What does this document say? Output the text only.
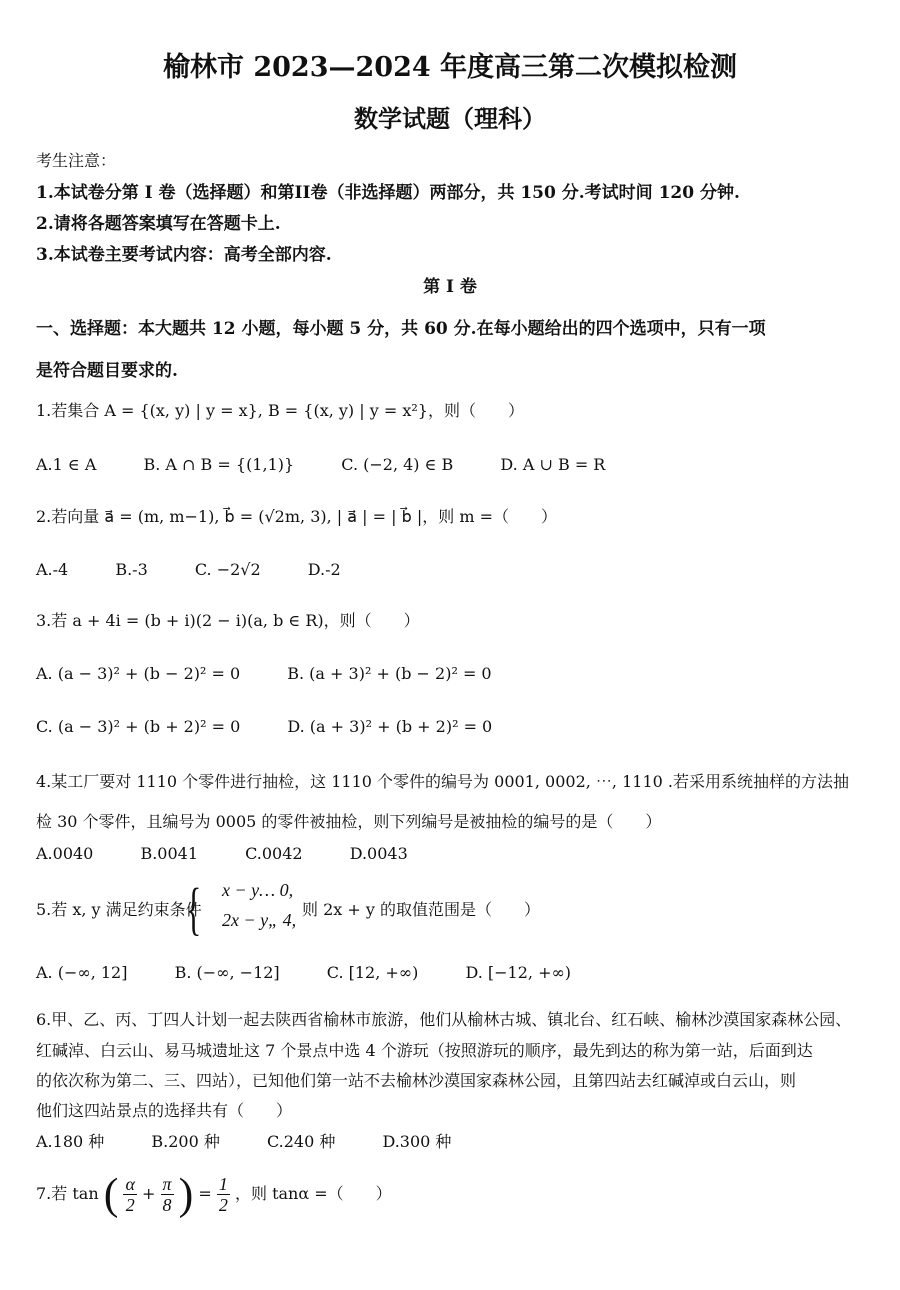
榆林市 2023—2024 年度高三第二次模拟检测
数学试题（理科）
考生注意：
1.本试卷分第 I 卷（选择题）和第II卷（非选择题）两部分，共 150 分.考试时间 120 分钟.
2.请将各题答案填写在答题卡上.
3.本试卷主要考试内容：高考全部内容.
第 I 卷
一、选择题：本大题共 12 小题，每小题 5 分，共 60 分.在每小题给出的四个选项中，只有一项
是符合题目要求的.
1.若集合 A = {(x, y) | y = x}, B = {(x, y) | y = x²}，则（　　）
A.1 ∈ A	B. A ∩ B = {(1,1)}	C. (−2, 4) ∈ B	D. A ∪ B = R
2.若向量 a⃗ = (m, m−1), b⃗ = (√2m, 3), | a⃗ | = | b⃗ |，则 m =（　　）
A.-4	B.-3	C. −2√2	D.-2
3.若 a + 4i = (b + i)(2 − i)(a, b ∈ R)，则（　　）
A. (a − 3)² + (b − 2)² = 0	B. (a + 3)² + (b − 2)² = 0
C. (a − 3)² + (b + 2)² = 0	D. (a + 3)² + (b + 2)² = 0
4.某工厂要对 1110 个零件进行抽检，这 1110 个零件的编号为 0001, 0002, ⋯, 1110 .若采用系统抽样的方法抽
检 30 个零件，且编号为 0005 的零件被抽检，则下列编号是被抽检的编号的是（　　）
A.0040	B.0041	C.0042	D.0043
5.若 x, y 满足约束条件
{ x − y… 0,
2x − y„ 4,
则 2x + y 的取值范围是（　　）
A. (−∞, 12]	B. (−∞, −12]	C. [12, +∞)	D. [−12, +∞)
6.甲、乙、丙、丁四人计划一起去陕西省榆林市旅游，他们从榆林古城、镇北台、红石峡、榆林沙漠国家森林公园、
红碱淖、白云山、易马城遗址这 7 个景点中选 4 个游玩（按照游玩的顺序，最先到达的称为第一站，后面到达
的依次称为第二、三、四站），已知他们第一站不去榆林沙漠国家森林公园，且第四站去红碱淖或白云山，则
他们这四站景点的选择共有（　　）
A.180 种	B.200 种	C.240 种	D.300 种
7.若 tan ( $\frac{\alpha}{2} + \frac{\pi}{8}$ ) = $\frac{1}{2}$ ，则 tanα =（　　）
